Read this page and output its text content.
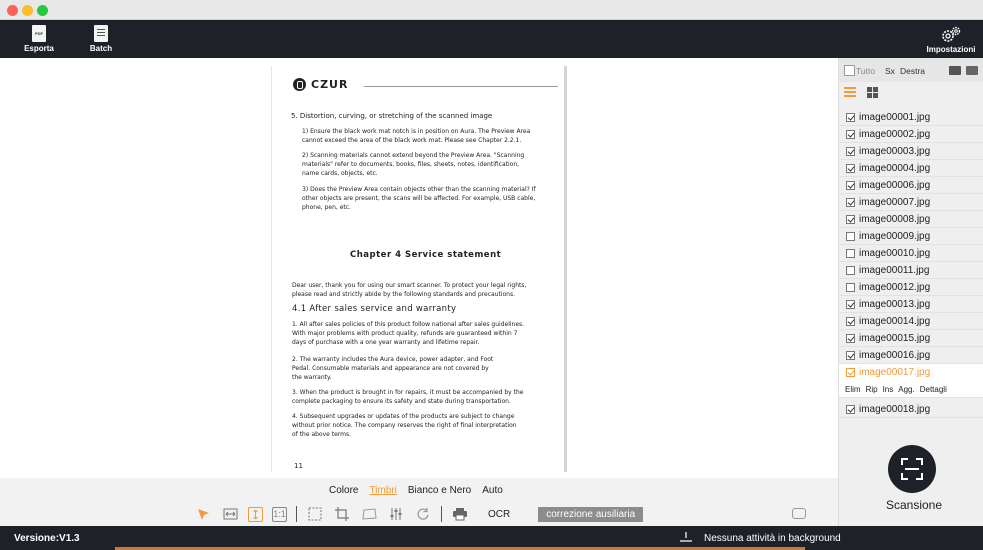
PDF
Esporta	Batch	Impostazioni
CZUR
5. Distortion, curving, or stretching of the scanned image
1) Ensure the black work mat notch is in position on Aura. The Preview Area
cannot exceed the area of the black work mat. Please see Chapter 2.2.1.
2) Scanning materials cannot extend beyond the Preview Area. "Scanning
materials" refer to documents, books, files, sheets, notes, identification,
name cards, objects, etc.
3) Does the Preview Area contain objects other than the scanning material? If
other objects are present, the scans will be affected. For example, USB cable,
phone, pen, etc.
Chapter 4 Service statement
Dear user, thank you for using our smart scanner. To protect your legal rights,
please read and strictly abide by the following standards and precautions.
4.1 After sales service and warranty
1. All after sales policies of this product follow national after sales guidelines.
With major problems with product quality, refunds are guaranteed within 7
days of purchase with a one year warranty and lifetime repair.
2. The warranty includes the Aura device, power adapter, and Foot
Pedal. Consumable materials and appearance are not covered by
the warranty.
3. When the product is brought in for repairs, it must be accompanied by the
complete packaging to ensure its safety and state during transportation.
4. Subsequent upgrades or updates of the products are subject to change
without prior notice. The company reserves the right of final interpretation
of the above terms.
11
Colore Timbri Bianco e Nero Auto
1:1	OCR	correzione ausiliaria
Tutto Sx Destra
image00001.jpg
image00002.jpg
image00003.jpg
image00004.jpg
image00006.jpg
image00007.jpg
image00008.jpg
image00009.jpg
image00010.jpg
image00011.jpg
image00012.jpg
image00013.jpg
image00014.jpg
image00015.jpg
image00016.jpg
image00017.jpg
Elim Rip Ins Agg. Dettagli
image00018.jpg
Scansione
Versione:V1.3	Nessuna attività in background
